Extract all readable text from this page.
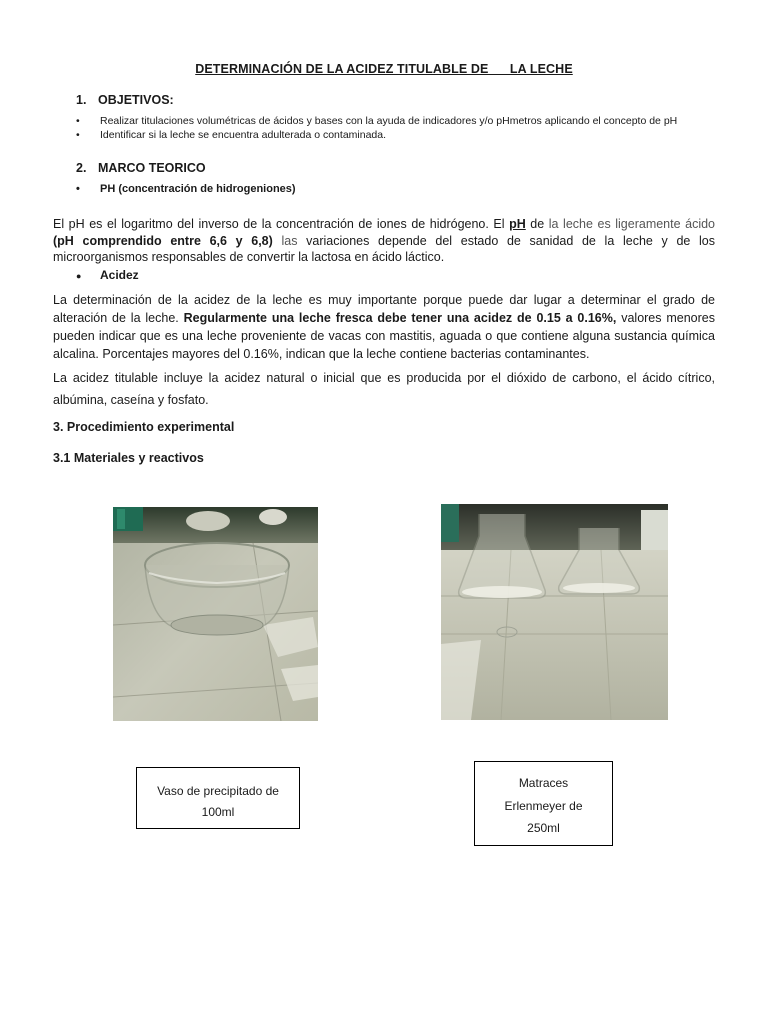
DETERMINACIÓN DE LA ACIDEZ TITULABLE DE      LA LECHE
1. OBJETIVOS:
• Realizar titulaciones volumétricas de ácidos y bases con la ayuda de indicadores y/o pHmetros aplicando el concepto de pH
• Identificar si la leche se encuentra adulterada o contaminada.
2. MARCO TEORICO
• PH (concentración de hidrogeniones)
El pH es el logaritmo del inverso de la concentración de iones de hidrógeno. El pH de la leche es ligeramente ácido (pH comprendido entre 6,6 y 6,8) las variaciones depende del estado de sanidad de la leche y de los microorganismos responsables de convertir la lactosa en ácido láctico.
● Acidez
La determinación de la acidez de la leche es muy importante porque puede dar lugar a determinar el grado de alteración de la leche. Regularmente una leche fresca debe tener una acidez de 0.15 a 0.16%, valores menores pueden indicar que es una leche proveniente de vacas con mastitis, aguada o que contiene alguna sustancia química alcalina. Porcentajes mayores del 0.16%, indican que la leche contiene bacterias contaminantes.
La acidez titulable incluye la acidez natural o inicial que es producida por el dióxido de carbono, el ácido cítrico, albúmina, caseína y fosfato.
3. Procedimiento experimental
3.1 Materiales y reactivos
Vaso de precipitado de
100ml
Matraces
Erlenmeyer de
250ml
